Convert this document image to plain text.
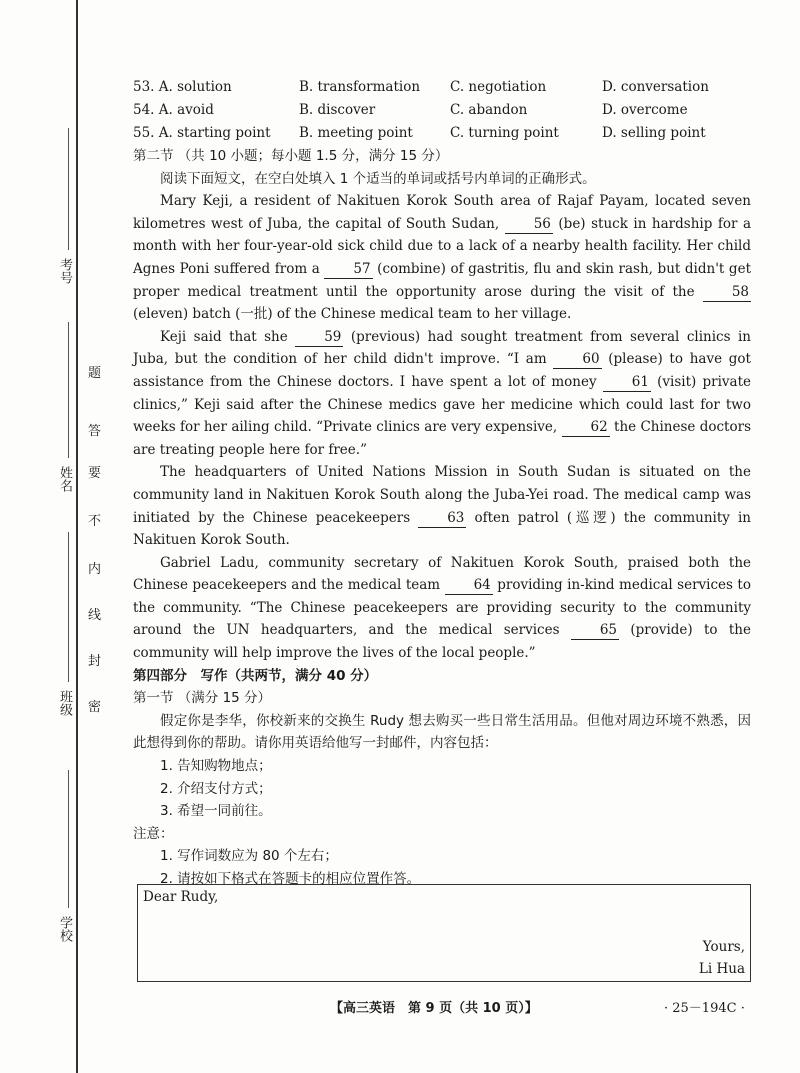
考号
姓名
班级
学校
题
答
要
不
内
线
封
密
53. A. solution	B. transformation C. negotiation	D. conversation
54. A. avoid	B. discover	C. abandon	D. overcome
55. A. starting point B. meeting point	C. turning point	D. selling point
第二节 （共 10 小题；每小题 1.5 分，满分 15 分）

阅读下面短文，在空白处填入 1 个适当的单词或括号内单词的正确形式。

Mary Keji, a resident of Nakituen Korok South area of Rajaf Payam, located seven kilometres west of Juba, the capital of South Sudan, 56 (be) stuck in hardship for a month with her four-year-old sick child due to a lack of a nearby health facility. Her child Agnes Poni suffered from a 57 (combine) of gastritis, flu and skin rash, but didn't get proper medical treatment until the opportunity arose during the visit of the 58 (eleven) batch (一批) of the Chinese medical team to her village.

Keji said that she 59 (previous) had sought treatment from several clinics in Juba, but the condition of her child didn't improve. “I am 60 (please) to have got assistance from the Chinese doctors. I have spent a lot of money 61 (visit) private clinics,” Keji said after the Chinese medics gave her medicine which could last for two weeks for her ailing child. “Private clinics are very expensive, 62 the Chinese doctors are treating people here for free.”

The headquarters of United Nations Mission in South Sudan is situated on the community land in Nakituen Korok South along the Juba-Yei road. The medical camp was initiated by the Chinese peacekeepers 63 often patrol (巡逻) the community in Nakituen Korok South.

Gabriel Ladu, community secretary of Nakituen Korok South, praised both the Chinese peacekeepers and the medical team 64 providing in-kind medical services to the community. “The Chinese peacekeepers are providing security to the community around the UN headquarters, and the medical services 65 (provide) to the community will help improve the lives of the local people.”

第四部分　写作（共两节，满分 40 分）
第一节 （满分 15 分）

假定你是李华，你校新来的交换生 Rudy 想去购买一些日常生活用品。但他对周边环境不熟悉，因此想得到你的帮助。请你用英语给他写一封邮件，内容包括：

1. 告知购物地点；
2. 介绍支付方式；
3. 希望一同前往。
注意：
1. 写作词数应为 80 个左右；
2. 请按如下格式在答题卡的相应位置作答。
Dear Rudy,
Yours,
Li Hua
【高三英语　第 9 页（共 10 页）】	· 25－194C ·
